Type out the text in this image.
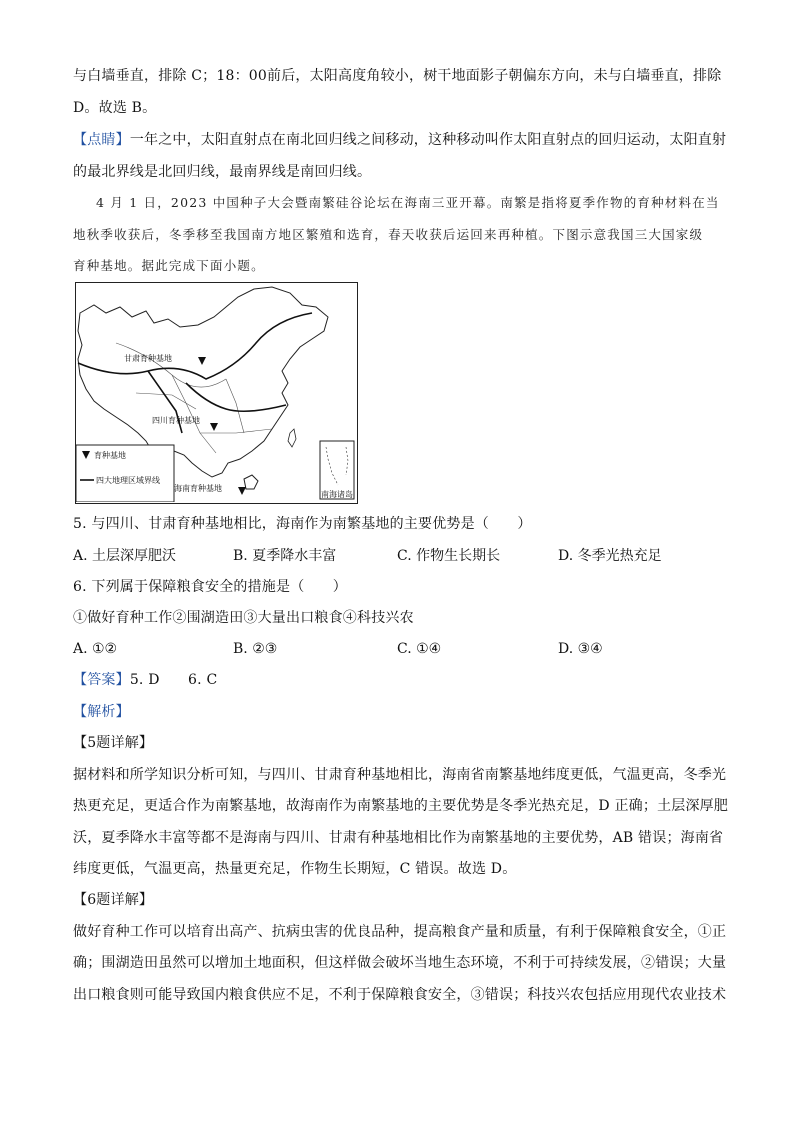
与白墙垂直，排除 C；18：00前后，太阳高度角较小，树干地面影子朝偏东方向，未与白墙垂直，排除
D。故选 B。
【点睛】一年之中，太阳直射点在南北回归线之间移动，这种移动叫作太阳直射点的回归运动，太阳直射
的最北界线是北回归线，最南界线是南回归线。
4 月 1 日，2023 中国种子大会暨南繁硅谷论坛在海南三亚开幕。南繁是指将夏季作物的育种材料在当
地秋季收获后，冬季移至我国南方地区繁殖和选育，春天收获后运回来再种植。下图示意我国三大国家级
育种基地。据此完成下面小题。
南海诸岛
甘肃育种基地
四川育种基地
海南育种基地
育种基地
四大地理区域界线
5. 与四川、甘肃育种基地相比，海南作为南繁基地的主要优势是（　　）
A. 土层深厚肥沃	B. 夏季降水丰富	C. 作物生长期长	D. 冬季光热充足
6. 下列属于保障粮食安全的措施是（　　）
①做好育种工作②围湖造田③大量出口粮食④科技兴农
A. ①②	B. ②③	C. ①④	D. ③④
【答案】5. D　　6. C
【解析】
【5题详解】
据材料和所学知识分析可知，与四川、甘肃育种基地相比，海南省南繁基地纬度更低，气温更高，冬季光
热更充足，更适合作为南繁基地，故海南作为南繁基地的主要优势是冬季光热充足，D 正确；土层深厚肥
沃，夏季降水丰富等都不是海南与四川、甘肃有种基地相比作为南繁基地的主要优势，AB 错误；海南省
纬度更低，气温更高，热量更充足，作物生长期短，C 错误。故选 D。
【6题详解】
做好育种工作可以培育出高产、抗病虫害的优良品种，提高粮食产量和质量，有利于保障粮食安全，①正
确；围湖造田虽然可以增加土地面积，但这样做会破坏当地生态环境，不利于可持续发展，②错误；大量
出口粮食则可能导致国内粮食供应不足，不利于保障粮食安全，③错误；科技兴农包括应用现代农业技术
